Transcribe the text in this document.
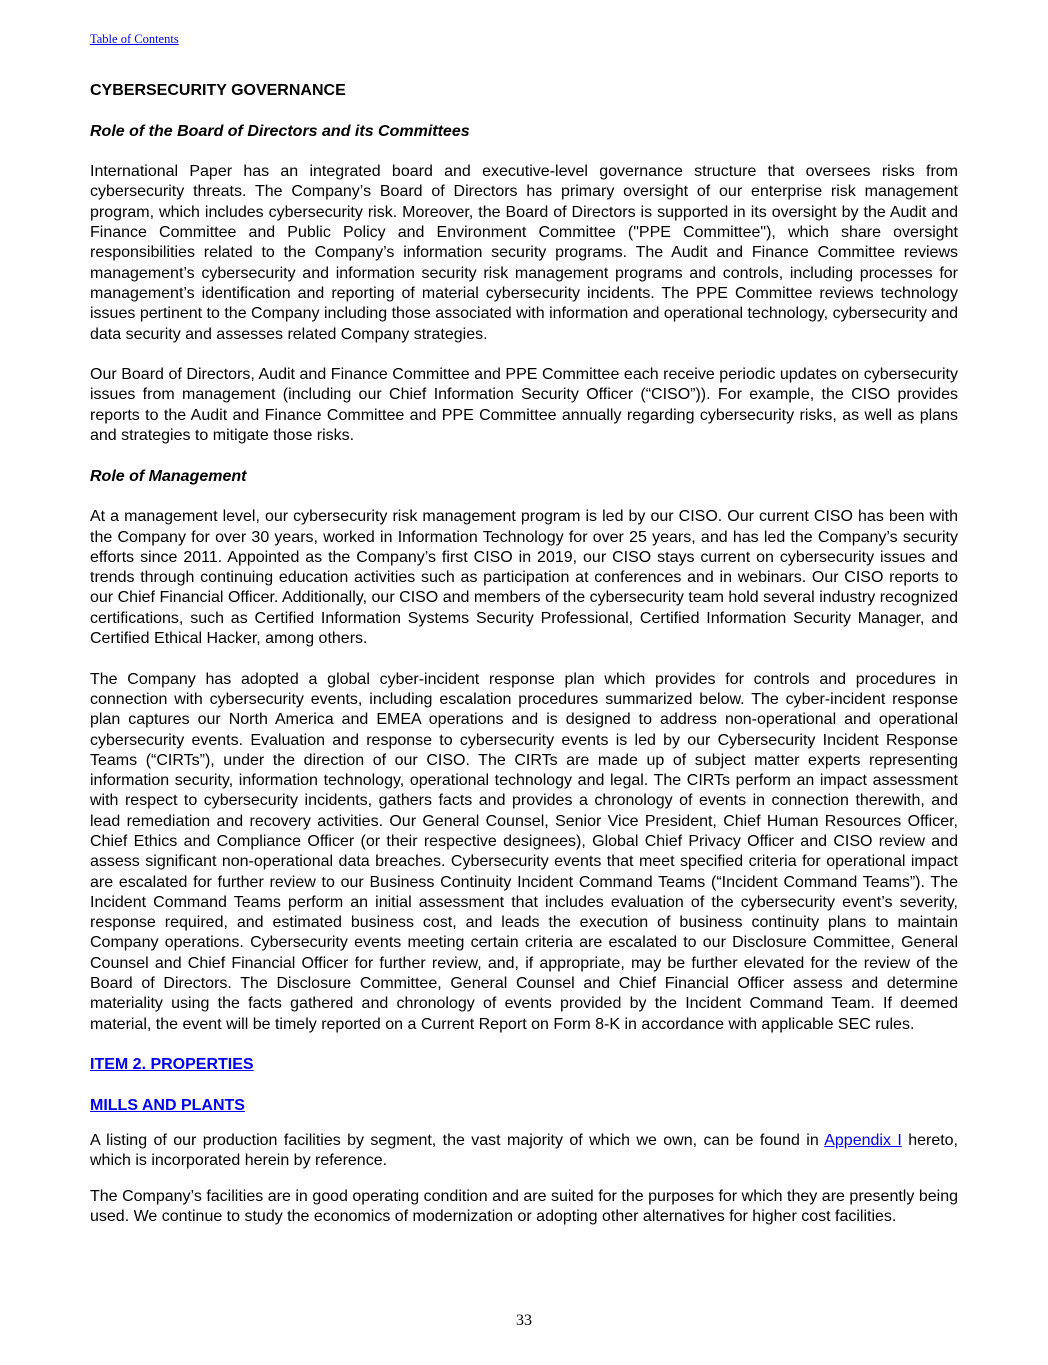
Table of Contents
CYBERSECURITY GOVERNANCE
Role of the Board of Directors and its Committees

International Paper has an integrated board and executive-level governance structure that oversees risks from cybersecurity threats. The Company’s Board of Directors has primary oversight of our enterprise risk management program, which includes cybersecurity risk. Moreover, the Board of Directors is supported in its oversight by the Audit and Finance Committee and Public Policy and Environment Committee ("PPE Committee"), which share oversight responsibilities related to the Company’s information security programs. The Audit and Finance Committee reviews management’s cybersecurity and information security risk management programs and controls, including processes for management’s identification and reporting of material cybersecurity incidents. The PPE Committee reviews technology issues pertinent to the Company including those associated with information and operational technology, cybersecurity and data security and assesses related Company strategies.

Our Board of Directors, Audit and Finance Committee and PPE Committee each receive periodic updates on cybersecurity issues from management (including our Chief Information Security Officer (“CISO”)). For example, the CISO provides reports to the Audit and Finance Committee and PPE Committee annually regarding cybersecurity risks, as well as plans and strategies to mitigate those risks.

Role of Management

At a management level, our cybersecurity risk management program is led by our CISO. Our current CISO has been with the Company for over 30 years, worked in Information Technology for over 25 years, and has led the Company’s security efforts since 2011. Appointed as the Company’s first CISO in 2019, our CISO stays current on cybersecurity issues and trends through continuing education activities such as participation at conferences and in webinars. Our CISO reports to our Chief Financial Officer. Additionally, our CISO and members of the cybersecurity team hold several industry recognized certifications, such as Certified Information Systems Security Professional, Certified Information Security Manager, and Certified Ethical Hacker, among others.

The Company has adopted a global cyber-incident response plan which provides for controls and procedures in connection with cybersecurity events, including escalation procedures summarized below. The cyber-incident response plan captures our North America and EMEA operations and is designed to address non-operational and operational cybersecurity events. Evaluation and response to cybersecurity events is led by our Cybersecurity Incident Response Teams (“CIRTs”), under the direction of our CISO. The CIRTs are made up of subject matter experts representing information security, information technology, operational technology and legal. The CIRTs perform an impact assessment with respect to cybersecurity incidents, gathers facts and provides a chronology of events in connection therewith, and lead remediation and recovery activities. Our General Counsel, Senior Vice President, Chief Human Resources Officer, Chief Ethics and Compliance Officer (or their respective designees), Global Chief Privacy Officer and CISO review and assess significant non-operational data breaches. Cybersecurity events that meet specified criteria for operational impact are escalated for further review to our Business Continuity Incident Command Teams (“Incident Command Teams”). The Incident Command Teams perform an initial assessment that includes evaluation of the cybersecurity event’s severity, response required, and estimated business cost, and leads the execution of business continuity plans to maintain Company operations. Cybersecurity events meeting certain criteria are escalated to our Disclosure Committee, General Counsel and Chief Financial Officer for further review, and, if appropriate, may be further elevated for the review of the Board of Directors. The Disclosure Committee, General Counsel and Chief Financial Officer assess and determine materiality using the facts gathered and chronology of events provided by the Incident Command Team. If deemed material, the event will be timely reported on a Current Report on Form 8-K in accordance with applicable SEC rules.

ITEM 2. PROPERTIES
MILLS AND PLANTS

A listing of our production facilities by segment, the vast majority of which we own, can be found in Appendix I hereto, which is incorporated herein by reference.

The Company’s facilities are in good operating condition and are suited for the purposes for which they are presently being used. We continue to study the economics of modernization or adopting other alternatives for higher cost facilities.

33
